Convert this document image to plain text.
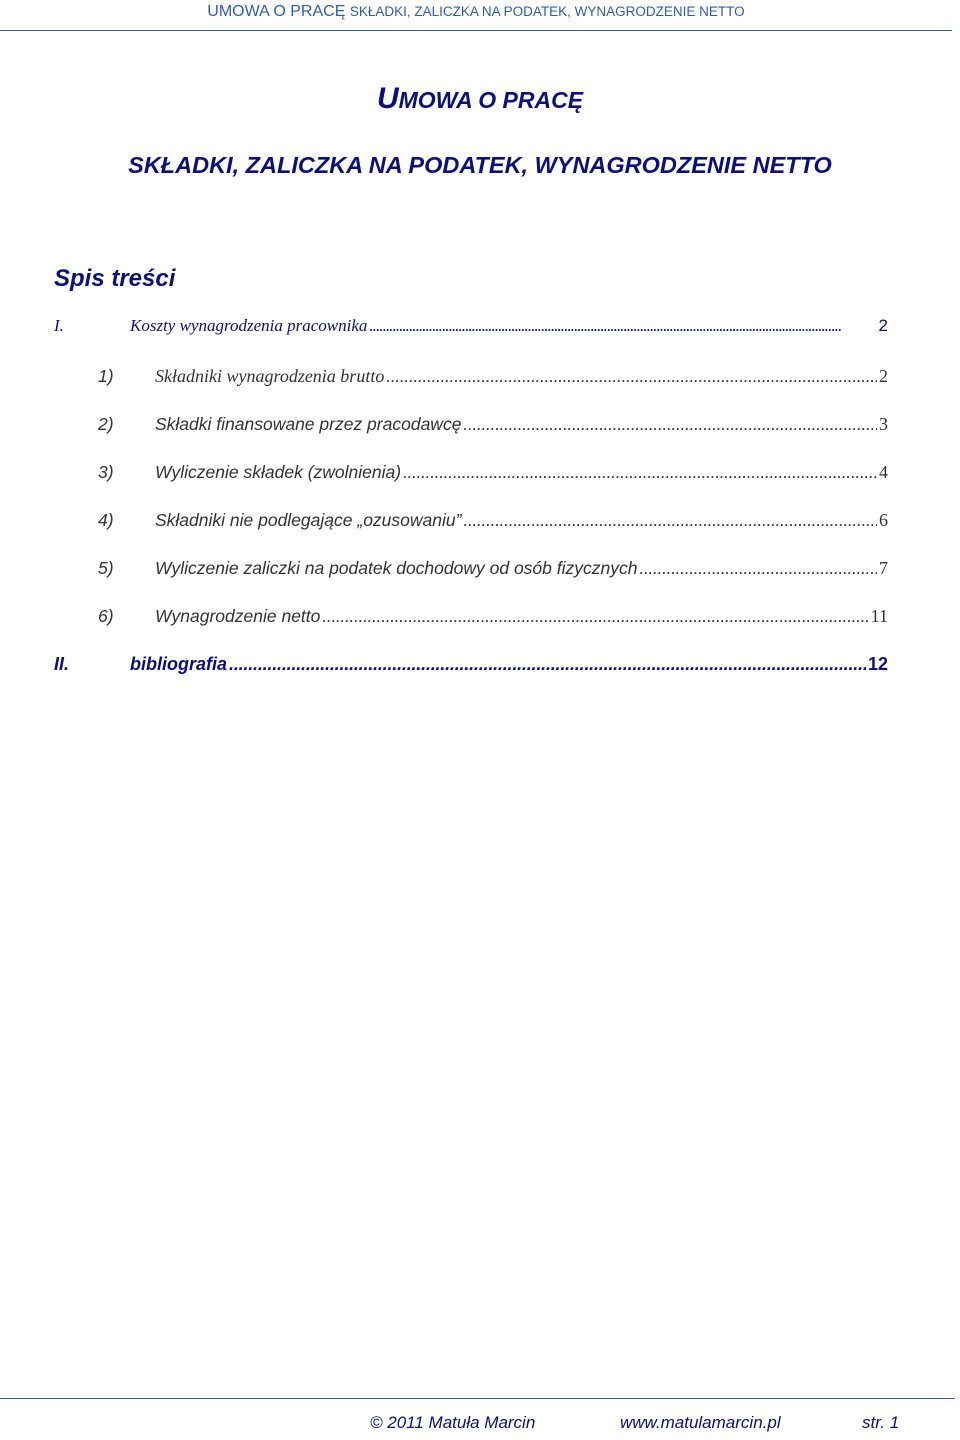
UMOWA O PRACĘ SKŁADKI, ZALICZKA NA PODATEK, WYNAGRODZENIE NETTO
UMOWA O PRACĘ
SKŁADKI, ZALICZKA NA PODATEK, WYNAGRODZENIE NETTO
Spis treści
I.	Koszty wynagrodzenia pracownika . . .	2
1)	Składniki wynagrodzenia brutto . . .	2
2)	Składki finansowane przez pracodawcę . . .	3
3)	Wyliczenie składek (zwolnienia) . . .	4
4)	Składniki nie podlegające „ozusowaniu” . . .	6
5)	Wyliczenie zaliczki na podatek dochodowy od osób fizycznych . . .	7
6)	Wynagrodzenie netto . . .	11
II.	bibliografia . . .	12
© 2011 Matuła Marcin	www.matulamarcin.pl	str. 1
